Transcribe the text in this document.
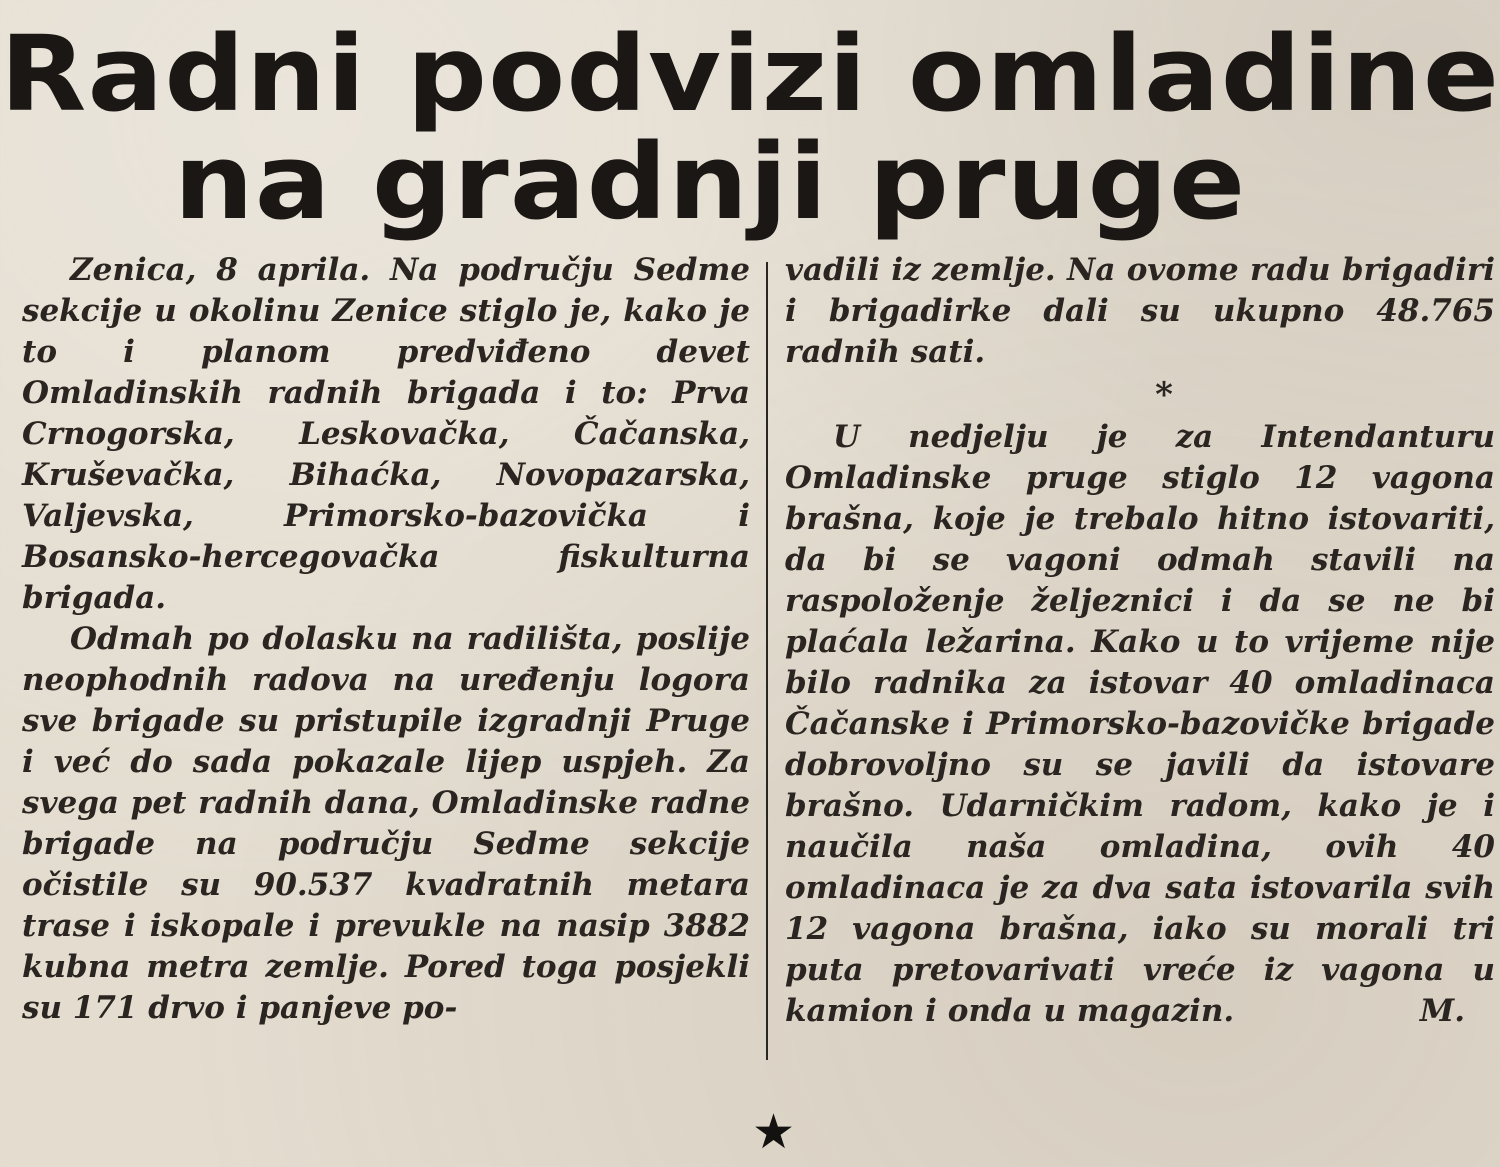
Radni podvizi omladine
na gradnji pruge

Zenica, 8 aprila. Na području Sedme sekcije u okolinu Zenice stiglo je, kako je to i planom predviđeno devet Omladinskih radnih brigada i to: Prva Crnogorska, Leskovačka, Čačanska, Kruševačka, Bihaćka, Novopazarska, Valjevska, Primorsko-bazovička i Bosansko-hercegovačka fiskulturna brigada.

Odmah po dolasku na radilišta, poslije neophodnih radova na uređenju logora sve brigade su pristupile izgradnji Pruge i već do sada pokazale lijep uspjeh. Za svega pet radnih dana, Omladinske radne brigade na području Sedme sekcije očistile su 90.537 kvadratnih metara trase i iskopale i prevukle na nasip 3882 kubna metra zemlje. Pored toga posjekli su 171 drvo i panjeve po-

vadili iz zemlje. Na ovome radu brigadiri i brigadirke dali su ukupno 48.765 radnih sati.

*

U nedjelju je za Intendanturu Omladinske pruge stiglo 12 vagona brašna, koje je trebalo hitno istovariti, da bi se vagoni odmah stavili na raspoloženje željeznici i da se ne bi plaćala ležarina. Kako u to vrijeme nije bilo radnika za istovar 40 omladinaca Čačanske i Primorsko-bazovičke brigade dobrovoljno su se javili da istovare brašno. Udarničkim radom, kako je i naučila naša omladina, ovih 40 omladinaca je za dva sata istovarila svih 12 vagona brašna, iako su morali tri puta pretovarivati vreće iz vagona u kamion i onda u magazin.	M.

★
